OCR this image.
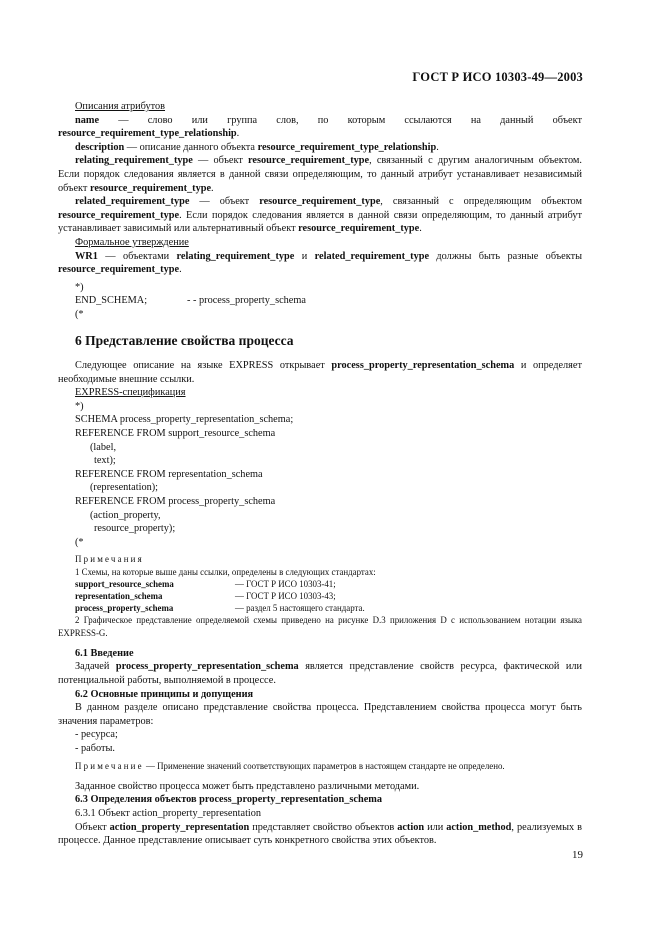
ГОСТ Р ИСО 10303-49—2003

Описания атрибутов

name — слово или группа слов, по которым ссылаются на данный объект resource_requirement_type_relationship.

description — описание данного объекта resource_requirement_type_relationship.

relating_requirement_type — объект resource_requirement_type, связанный с другим аналогичным объектом. Если порядок следования является в данной связи определяющим, то данный атрибут устанавливает независимый объект resource_requirement_type.

related_requirement_type — объект resource_requirement_type, связанный с определяющим объектом resource_requirement_type. Если порядок следования является в данной связи определяющим, то данный атрибут устанавливает зависимый или альтернативный объект resource_requirement_type.

Формальное утверждение

WR1 — объектами relating_requirement_type и related_requirement_type должны быть разные объекты resource_requirement_type.

*)

END_SCHEMA;	- - process_property_schema

(*

6 Представление свойства процесса

Следующее описание на языке EXPRESS открывает process_property_representation_schema и определяет необходимые внешние ссылки.

EXPRESS-спецификация

*)

SCHEMA process_property_representation_schema;

REFERENCE FROM support_resource_schema

(label,

text);

REFERENCE FROM representation_schema

(representation);

REFERENCE FROM process_property_schema

(action_property,

resource_property);

(*

Примечания

1 Схемы, на которые выше даны ссылки, определены в следующих стандартах:

support_resource_schema	— ГОСТ Р ИСО 10303-41;
representation_schema	— ГОСТ Р ИСО 10303-43;
process_property_schema	— раздел 5 настоящего стандарта.

2 Графическое представление определяемой схемы приведено на рисунке D.3 приложения D с использованием нотации языка EXPRESS-G.

6.1 Введение

Задачей process_property_representation_schema является представление свойств ресурса, фактической или потенциальной работы, выполняемой в процессе.

6.2 Основные принципы и допущения

В данном разделе описано представление свойства процесса. Представлением свойства процесса могут быть значения параметров:

- ресурса;

- работы.

Примечание — Применение значений соответствующих параметров в настоящем стандарте не определено.

Заданное свойство процесса может быть представлено различными методами.

6.3 Определения объектов process_property_representation_schema

6.3.1 Объект action_property_representation

Объект action_property_representation представляет свойство объектов action или action_method, реализуемых в процессе. Данное представление описывает суть конкретного свойства этих объектов.

19
